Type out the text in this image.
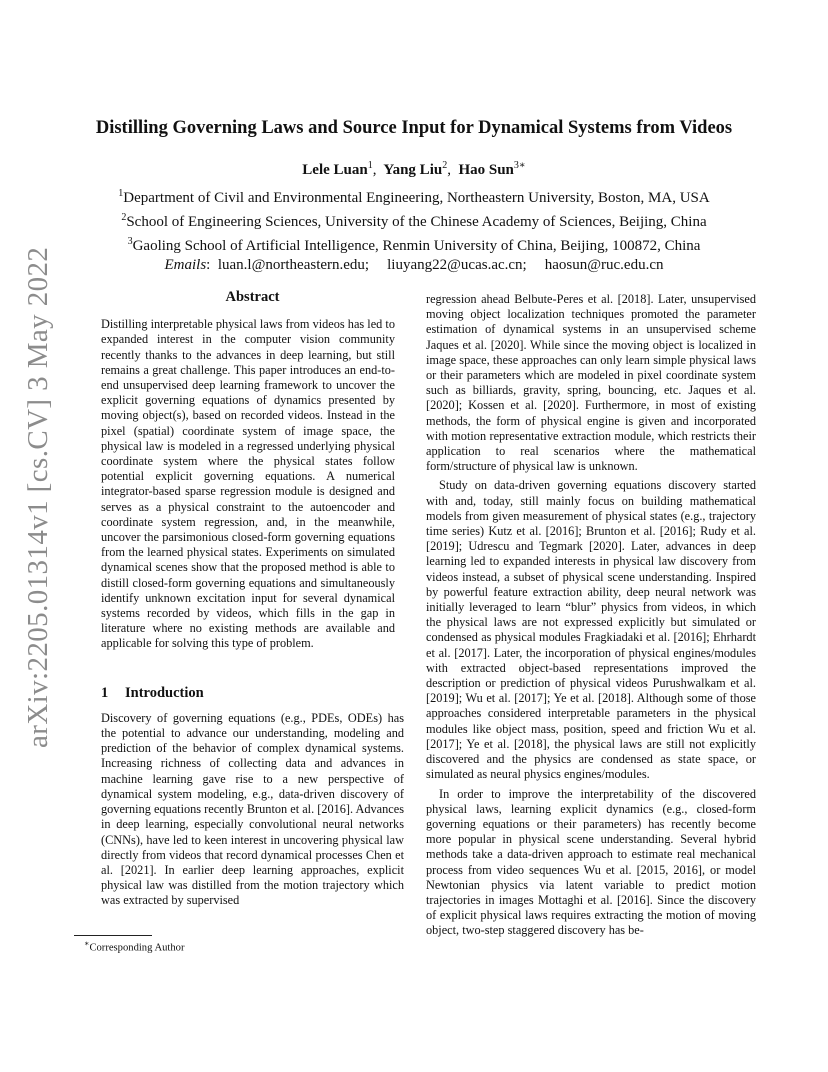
arXiv:2205.01314v1 [cs.CV] 3 May 2022
Distilling Governing Laws and Source Input for Dynamical Systems from Videos
Lele Luan$^1$, Yang Liu$^2$, Hao Sun$^{3∗}$
$^1$Department of Civil and Environmental Engineering, Northeastern University, Boston, MA, USA
$^2$School of Engineering Sciences, University of the Chinese Academy of Sciences, Beijing, China
$^3$Gaoling School of Artificial Intelligence, Renmin University of China, Beijing, 100872, China
Emails:  luan.l@northeastern.edu; liuyang22@ucas.ac.cn; haosun@ruc.edu.cn
Abstract

Distilling interpretable physical laws from videos has led to expanded interest in the computer vision community recently thanks to the advances in deep learning, but still remains a great challenge. This paper introduces an end-to-end unsupervised deep learning framework to uncover the explicit governing equations of dynamics presented by moving object(s), based on recorded videos. Instead in the pixel (spatial) coordinate system of image space, the physical law is modeled in a regressed underlying physical coordinate system where the physical states follow potential explicit governing equations. A numerical integrator-based sparse regression module is designed and serves as a physical constraint to the autoencoder and coordinate system regression, and, in the meanwhile, uncover the parsimonious closed-form governing equations from the learned physical states. Experiments on simulated dynamical scenes show that the proposed method is able to distill closed-form governing equations and simultaneously identify unknown excitation input for several dynamical systems recorded by videos, which fills in the gap in literature where no existing methods are available and applicable for solving this type of problem.

1 Introduction

Discovery of governing equations (e.g., PDEs, ODEs) has the potential to advance our understanding, modeling and prediction of the behavior of complex dynamical systems. Increasing richness of collecting data and advances in machine learning gave rise to a new perspective of dynamical system modeling, e.g., data-driven discovery of governing equations recently Brunton et al. [2016]. Advances in deep learning, especially convolutional neural networks (CNNs), have led to keen interest in uncovering physical law directly from videos that record dynamical processes Chen et al. [2021]. In earlier deep learning approaches, explicit physical law was distilled from the motion trajectory which was extracted by supervised

regression ahead Belbute-Peres et al. [2018]. Later, unsupervised moving object localization techniques promoted the parameter estimation of dynamical systems in an unsupervised scheme Jaques et al. [2020]. While since the moving object is localized in image space, these approaches can only learn simple physical laws or their parameters which are modeled in pixel coordinate system such as billiards, gravity, spring, bouncing, etc. Jaques et al. [2020]; Kossen et al. [2020]. Furthermore, in most of existing methods, the form of physical engine is given and incorporated with motion representative extraction module, which restricts their application to real scenarios where the mathematical form/structure of physical law is unknown.

Study on data-driven governing equations discovery started with and, today, still mainly focus on building mathematical models from given measurement of physical states (e.g., trajectory time series) Kutz et al. [2016]; Brunton et al. [2016]; Rudy et al. [2019]; Udrescu and Tegmark [2020]. Later, advances in deep learning led to expanded interests in physical law discovery from videos instead, a subset of physical scene understanding. Inspired by powerful feature extraction ability, deep neural network was initially leveraged to learn “blur” physics from videos, in which the physical laws are not expressed explicitly but simulated or condensed as physical modules Fragkiadaki et al. [2016]; Ehrhardt et al. [2017]. Later, the incorporation of physical engines/modules with extracted object-based representations improved the description or prediction of physical videos Purushwalkam et al. [2019]; Wu et al. [2017]; Ye et al. [2018]. Although some of those approaches considered interpretable parameters in the physical modules like object mass, position, speed and friction Wu et al. [2017]; Ye et al. [2018], the physical laws are still not explicitly discovered and the physics are condensed as state space, or simulated as neural physics engines/modules.

In order to improve the interpretability of the discovered physical laws, learning explicit dynamics (e.g., closed-form governing equations or their parameters) has recently become more popular in physical scene understanding. Several hybrid methods take a data-driven approach to estimate real mechanical process from video sequences Wu et al. [2015, 2016], or model Newtonian physics via latent variable to predict motion trajectories in images Mottaghi et al. [2016]. Since the discovery of explicit physical laws requires extracting the motion of moving object, two-step staggered discovery has be-

∗Corresponding Author
